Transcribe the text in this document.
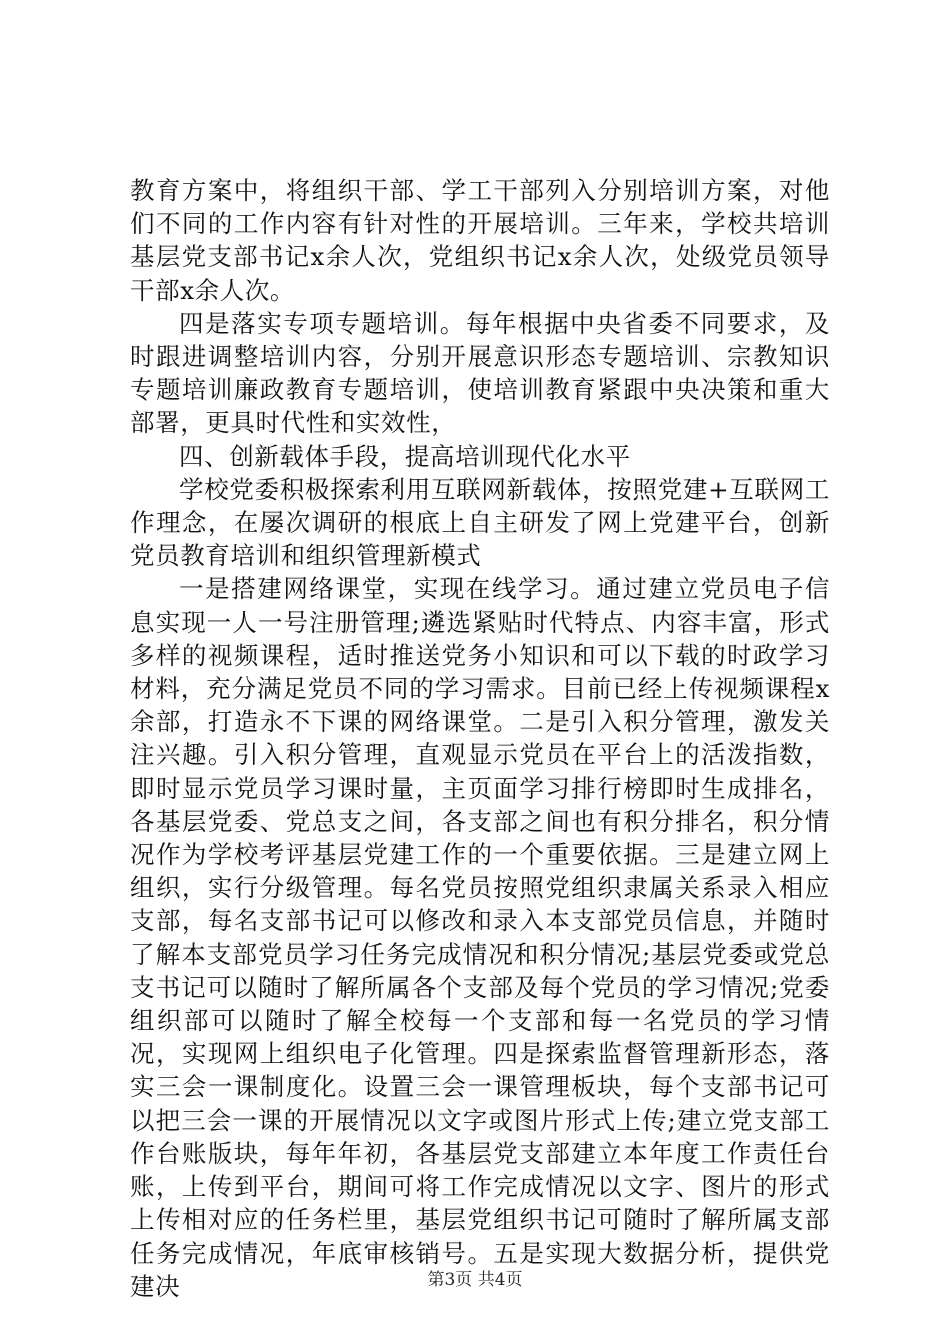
教育方案中，将组织干部、学工干部列入分别培训方案，对他们不同的工作内容有针对性的开展培训。三年来，学校共培训基层党支部书记x余人次，党组织书记x余人次，处级党员领导干部x余人次。

四是落实专项专题培训。每年根据中央省委不同要求，及时跟进调整培训内容，分别开展意识形态专题培训、宗教知识专题培训廉政教育专题培训，使培训教育紧跟中央决策和重大部署，更具时代性和实效性，

四、创新载体手段，提高培训现代化水平

学校党委积极探索利用互联网新载体，按照党建+互联网工作理念，在屡次调研的根底上自主研发了网上党建平台，创新党员教育培训和组织管理新模式

一是搭建网络课堂，实现在线学习。通过建立党员电子信息实现一人一号注册管理;遴选紧贴时代特点、内容丰富，形式多样的视频课程，适时推送党务小知识和可以下载的时政学习材料，充分满足党员不同的学习需求。目前已经上传视频课程x余部，打造永不下课的网络课堂。二是引入积分管理，激发关注兴趣。引入积分管理，直观显示党员在平台上的活泼指数，即时显示党员学习课时量，主页面学习排行榜即时生成排名，各基层党委、党总支之间，各支部之间也有积分排名，积分情况作为学校考评基层党建工作的一个重要依据。三是建立网上组织，实行分级管理。每名党员按照党组织隶属关系录入相应支部，每名支部书记可以修改和录入本支部党员信息，并随时了解本支部党员学习任务完成情况和积分情况;基层党委或党总支书记可以随时了解所属各个支部及每个党员的学习情况;党委组织部可以随时了解全校每一个支部和每一名党员的学习情况，实现网上组织电子化管理。四是探索监督管理新形态，落实三会一课制度化。设置三会一课管理板块，每个支部书记可以把三会一课的开展情况以文字或图片形式上传;建立党支部工作台账版块，每年年初，各基层党支部建立本年度工作责任台账，上传到平台，期间可将工作完成情况以文字、图片的形式上传相对应的任务栏里，基层党组织书记可随时了解所属支部任务完成情况，年底审核销号。五是实现大数据分析，提供党建决	第3页 共4页
